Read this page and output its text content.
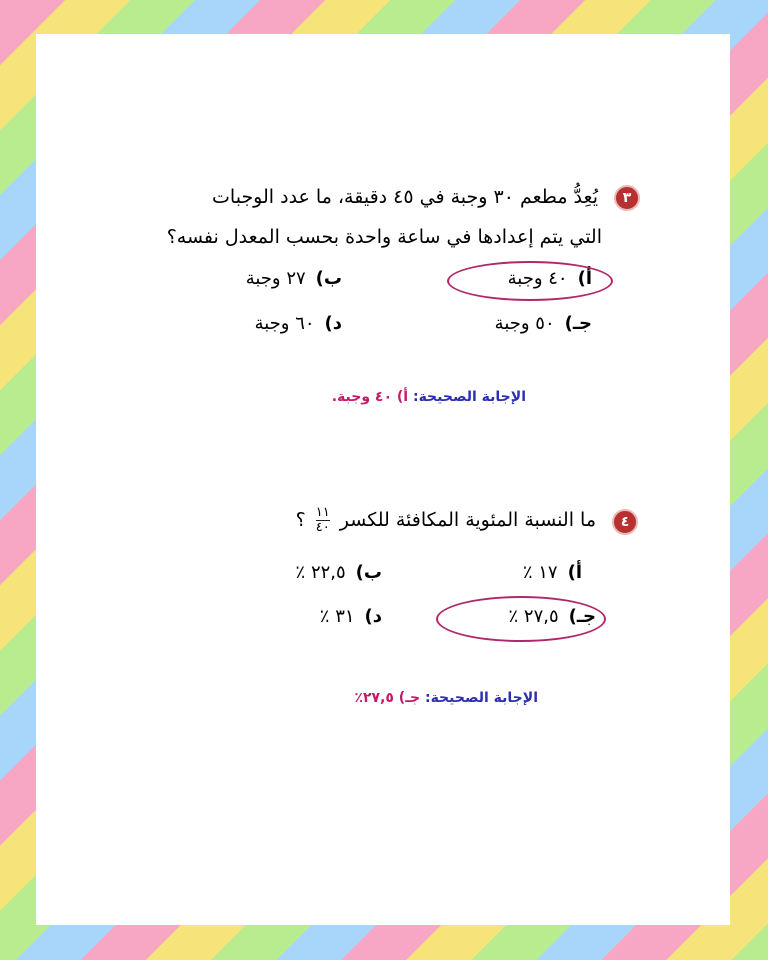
٣
يُعِدُّ مطعم ٣٠ وجبة في ٤٥ دقيقة، ما عدد الوجبات
التي يتم إعدادها في ساعة واحدة بحسب المعدل نفسه؟
أ)٤٠ وجبة
ب)٢٧ وجبة
جـ)٥٠ وجبة
د)٦٠ وجبة
الإجابة الصحيحة: أ) ٤٠ وجبة.
٤
ما النسبة المئوية المكافئة للكسر
$\frac{١١}{٤٠}$
؟
أ)١٧ ٪
ب)٢٢,٥ ٪
جـ)٢٧,٥ ٪
د)٣١ ٪
الإجابة الصحيحة: جـ) ٢٧,٥٪
